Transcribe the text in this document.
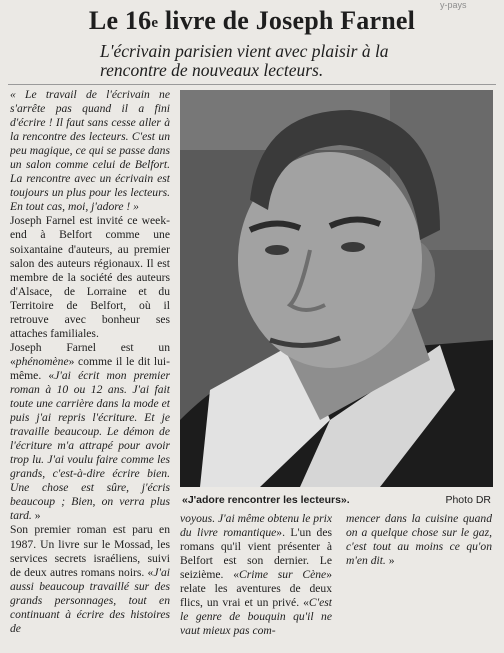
y-pays
Le 16e livre de Joseph Farnel

L'écrivain parisien vient avec plaisir à la rencontre de nouveaux lecteurs.

« Le travail de l'écrivain ne s'arrête pas quand il a fini d'écrire ! Il faut sans cesse aller à la rencontre des lecteurs. C'est un peu magique, ce qui se passe dans un salon comme celui de Belfort. La rencontre avec un écrivain est toujours un plus pour les lecteurs. En tout cas, moi, j'adore ! »

Joseph Farnel est invité ce week-end à Belfort comme une soixantaine d'auteurs, au premier salon des auteurs régionaux. Il est membre de la société des auteurs d'Alsace, de Lorraine et du Territoire de Belfort, où il retrouve avec bonheur ses attaches familiales.

Joseph Farnel est un «phénomène» comme il le dit lui-même. «J'ai écrit mon premier roman à 10 ou 12 ans. J'ai fait toute une carrière dans la mode et puis j'ai repris l'écriture. Et je travaille beaucoup. Le démon de l'écriture m'a attrapé pour avoir trop lu. J'ai voulu faire comme les grands, c'est-à-dire écrire bien. Une chose est sûre, j'écris beaucoup ; Bien, on verra plus tard. »

Son premier roman est paru en 1987. Un livre sur le Mossad, les services secrets israéliens, suivi de deux autres romans noirs. «J'ai aussi beaucoup travaillé sur des grands personnages, tout en continuant à écrire des histoires de

«J'adore rencontrer les lecteurs».	Photo DR

voyous. J'ai même obtenu le prix du livre romantique». L'un des romans qu'il vient présenter à Belfort est son dernier. Le seizième. «Crime sur Cène» relate les aventures de deux flics, un vrai et un privé. «C'est le genre de bouquin qu'il ne vaut mieux pas com-

mencer dans la cuisine quand on a quelque chose sur le gaz, c'est tout au moins ce qu'on m'en dit. »
